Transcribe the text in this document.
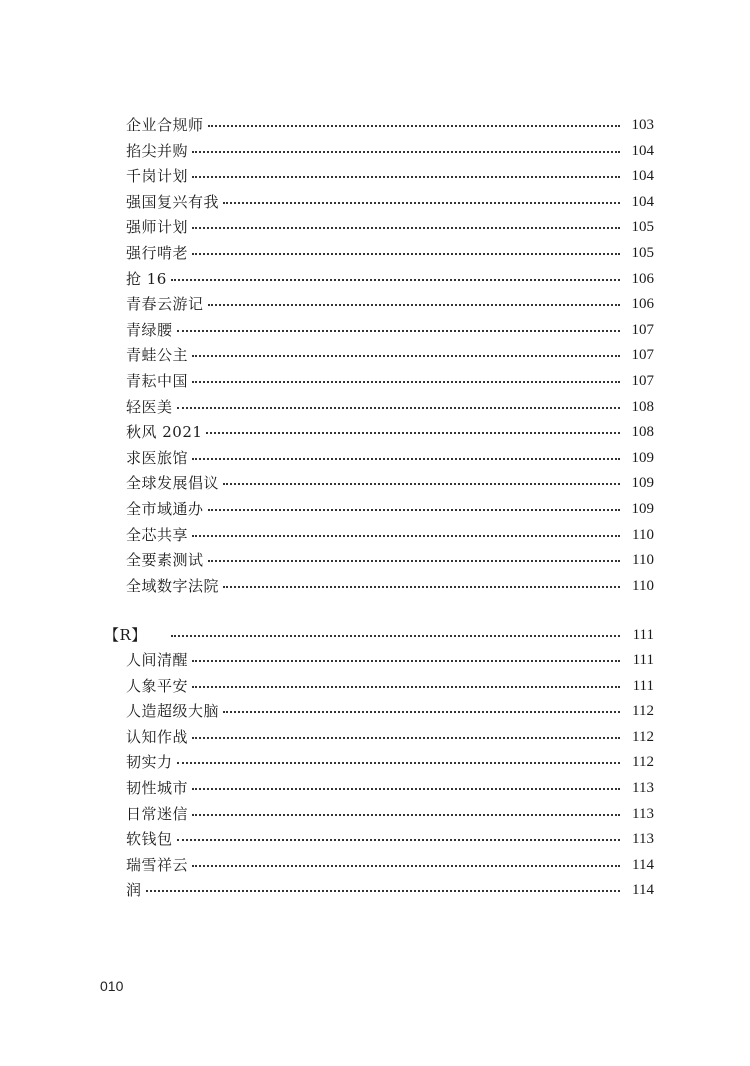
企业合规师	103
掐尖并购	104
千岗计划	104
强国复兴有我	104
强师计划	105
强行啃老	105
抢 16	106
青春云游记	106
青绿腰	107
青蛙公主	107
青耘中国	107
轻医美	108
秋风 2021	108
求医旅馆	109
全球发展倡议	109
全市域通办	109
全芯共享	110
全要素测试	110
全域数字法院	110
【R】	111
人间清醒	111
人象平安	111
人造超级大脑	112
认知作战	112
韧实力	112
韧性城市	113
日常迷信	113
软钱包	113
瑞雪祥云	114
润	114
010
